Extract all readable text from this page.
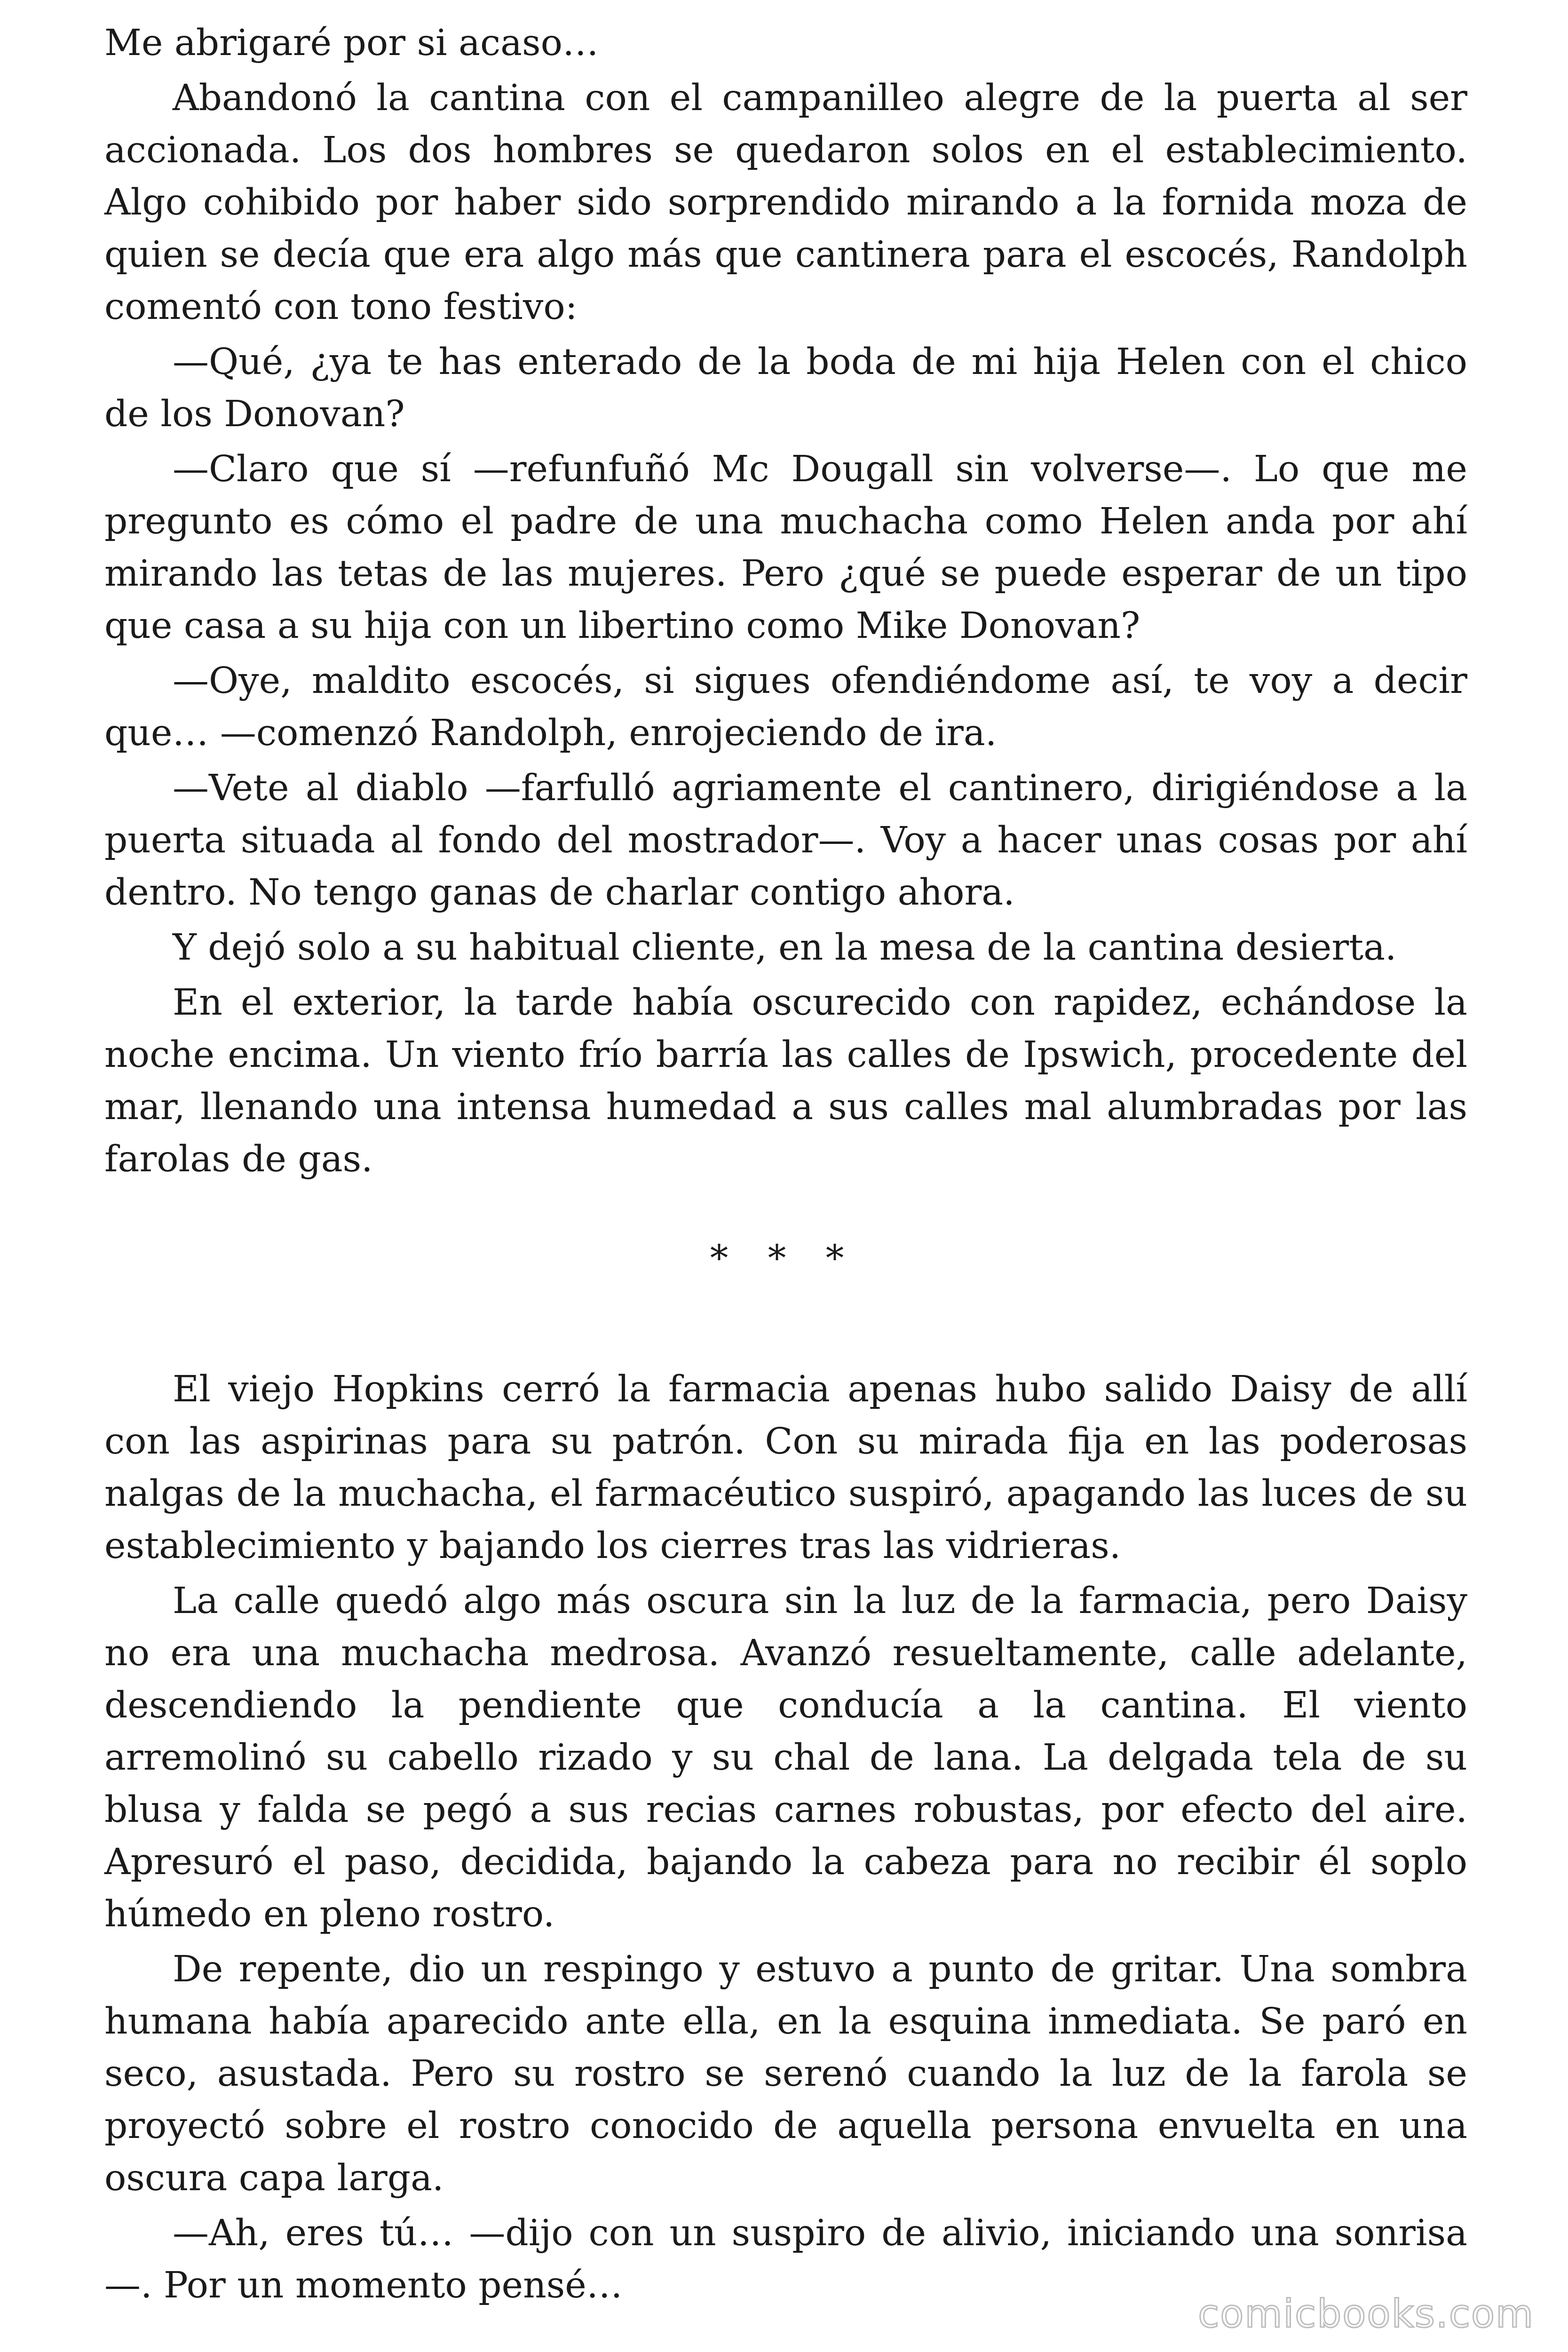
Me abrigaré por si acaso…

Abandonó la cantina con el campanilleo alegre de la puerta al ser accionada. Los dos hombres se quedaron solos en el establecimiento. Algo cohibido por haber sido sorprendido mirando a la fornida moza de quien se decía que era algo más que cantinera para el escocés, Randolph comentó con tono festivo:

—Qué, ¿ya te has enterado de la boda de mi hija Helen con el chico de los Donovan?

—Claro que sí —refunfuñó Mc Dougall sin volverse—. Lo que me pregunto es cómo el padre de una muchacha como Helen anda por ahí mirando las tetas de las mujeres. Pero ¿qué se puede esperar de un tipo que casa a su hija con un libertino como Mike Donovan?

—Oye, maldito escocés, si sigues ofendiéndome así, te voy a decir que… —comenzó Randolph, enrojeciendo de ira.

—Vete al diablo —farfulló agriamente el cantinero, dirigiéndose a la puerta situada al fondo del mostrador—. Voy a hacer unas cosas por ahí dentro. No tengo ganas de charlar contigo ahora.

Y dejó solo a su habitual cliente, en la mesa de la cantina desierta.

En el exterior, la tarde había oscurecido con rapidez, echándose la noche encima. Un viento frío barría las calles de Ipswich, procedente del mar, llenando una intensa humedad a sus calles mal alumbradas por las farolas de gas.

* * *

El viejo Hopkins cerró la farmacia apenas hubo salido Daisy de allí con las aspirinas para su patrón. Con su mirada fija en las poderosas nalgas de la muchacha, el farmacéutico suspiró, apagando las luces de su establecimiento y bajando los cierres tras las vidrieras.

La calle quedó algo más oscura sin la luz de la farmacia, pero Daisy no era una muchacha medrosa. Avanzó resueltamente, calle adelante, descendiendo la pendiente que conducía a la cantina. El viento arremolinó su cabello rizado y su chal de lana. La delgada tela de su blusa y falda se pegó a sus recias carnes robustas, por efecto del aire. Apresuró el paso, decidida, bajando la cabeza para no recibir él soplo húmedo en pleno rostro.

De repente, dio un respingo y estuvo a punto de gritar. Una sombra humana había aparecido ante ella, en la esquina inmediata. Se paró en seco, asustada. Pero su rostro se serenó cuando la luz de la farola se proyectó sobre el rostro conocido de aquella persona envuelta en una oscura capa larga.

—Ah, eres tú… —dijo con un suspiro de alivio, iniciando una sonrisa—. Por un momento pensé…

comicbooks.com
